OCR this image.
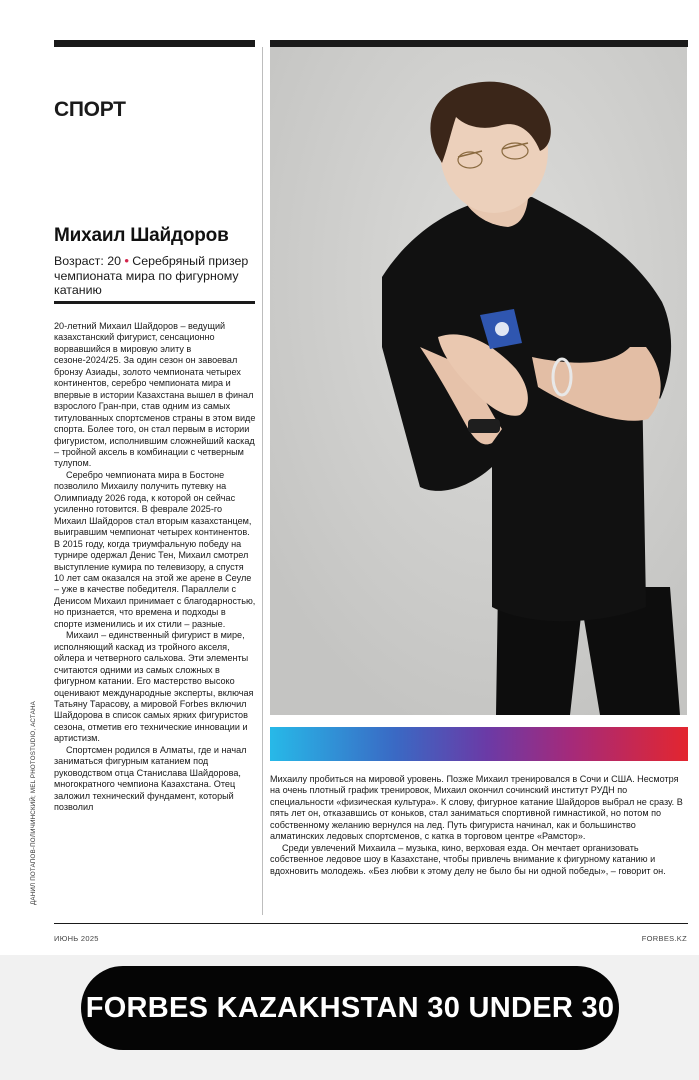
СПОРТ
Михаил Шайдоров
Возраст: 20 • Серебряный призер чемпионата мира по фигурному катанию

20-летний Михаил Шайдоров – ведущий казахстанский фигурист, сенсационно ворвавшийся в мировую элиту в сезоне-2024/25. За один сезон он завоевал бронзу Азиады, золото чемпионата четырех континентов, серебро чемпионата мира и впервые в истории Казахстана вышел в финал взрослого Гран-при, став одним из самых титулованных спортсменов страны в этом виде спорта. Более того, он стал первым в истории фигуристом, исполнившим сложнейший каскад – тройной аксель в комбинации с четверным тулупом.

Серебро чемпионата мира в Бостоне позволило Михаилу получить путевку на Олимпиаду 2026 года, к которой он сейчас усиленно готовится. В феврале 2025-го Михаил Шайдоров стал вторым казахстанцем, выигравшим чемпионат четырех континентов. В 2015 году, когда триумфальную победу на турнире одержал Денис Тен, Михаил смотрел выступление кумира по телевизору, а спустя 10 лет сам оказался на этой же арене в Сеуле – уже в качестве победителя. Параллели с Денисом Михаил принимает с благодарностью, но признается, что времена и подходы в спорте изменились и их стили – разные.

Михаил – единственный фигурист в мире, исполняющий каскад из тройного акселя, ойлера и четверного сальхова. Эти элементы считаются одними из самых сложных в фигурном катании. Его мастерство высоко оценивают международные эксперты, включая Татьяну Тарасову, а мировой Forbes включил Шайдорова в список самых ярких фигуристов сезона, отметив его технические инновации и артистизм.

Спортсмен родился в Алматы, где и начал заниматься фигурным катанием под руководством отца Станислава Шайдорова, многократного чемпиона Казахстана. Отец заложил технический фундамент, который позволил

Михаилу пробиться на мировой уровень. Позже Михаил тренировался в Сочи и США. Несмотря на очень плотный график тренировок, Михаил окончил сочинский институт РУДН по специальности «физическая культура». К слову, фигурное катание Шайдоров выбрал не сразу. В пять лет он, отказавшись от коньков, стал заниматься спортивной гимнастикой, но потом по собственному желанию вернулся на лед. Путь фигуриста начинал, как и большинство алматинских ледовых спортсменов, с катка в торговом центре «Рамстор».

Среди увлечений Михаила – музыка, кино, верховая езда. Он мечтает организовать собственное ледовое шоу в Казахстане, чтобы привлечь внимание к фигурному катанию и вдохновить молодежь. «Без любви к этому делу не было бы ни одной победы», – говорит он.

ДАНИЛ ПОТАПОВ-ПОЛИЧИНСКИЙ; MEL PHOTOSTUDIO, АСТАНА
ИЮНЬ 2025	FORBES.KZ
FORBES KAZAKHSTAN 30 UNDER 30
